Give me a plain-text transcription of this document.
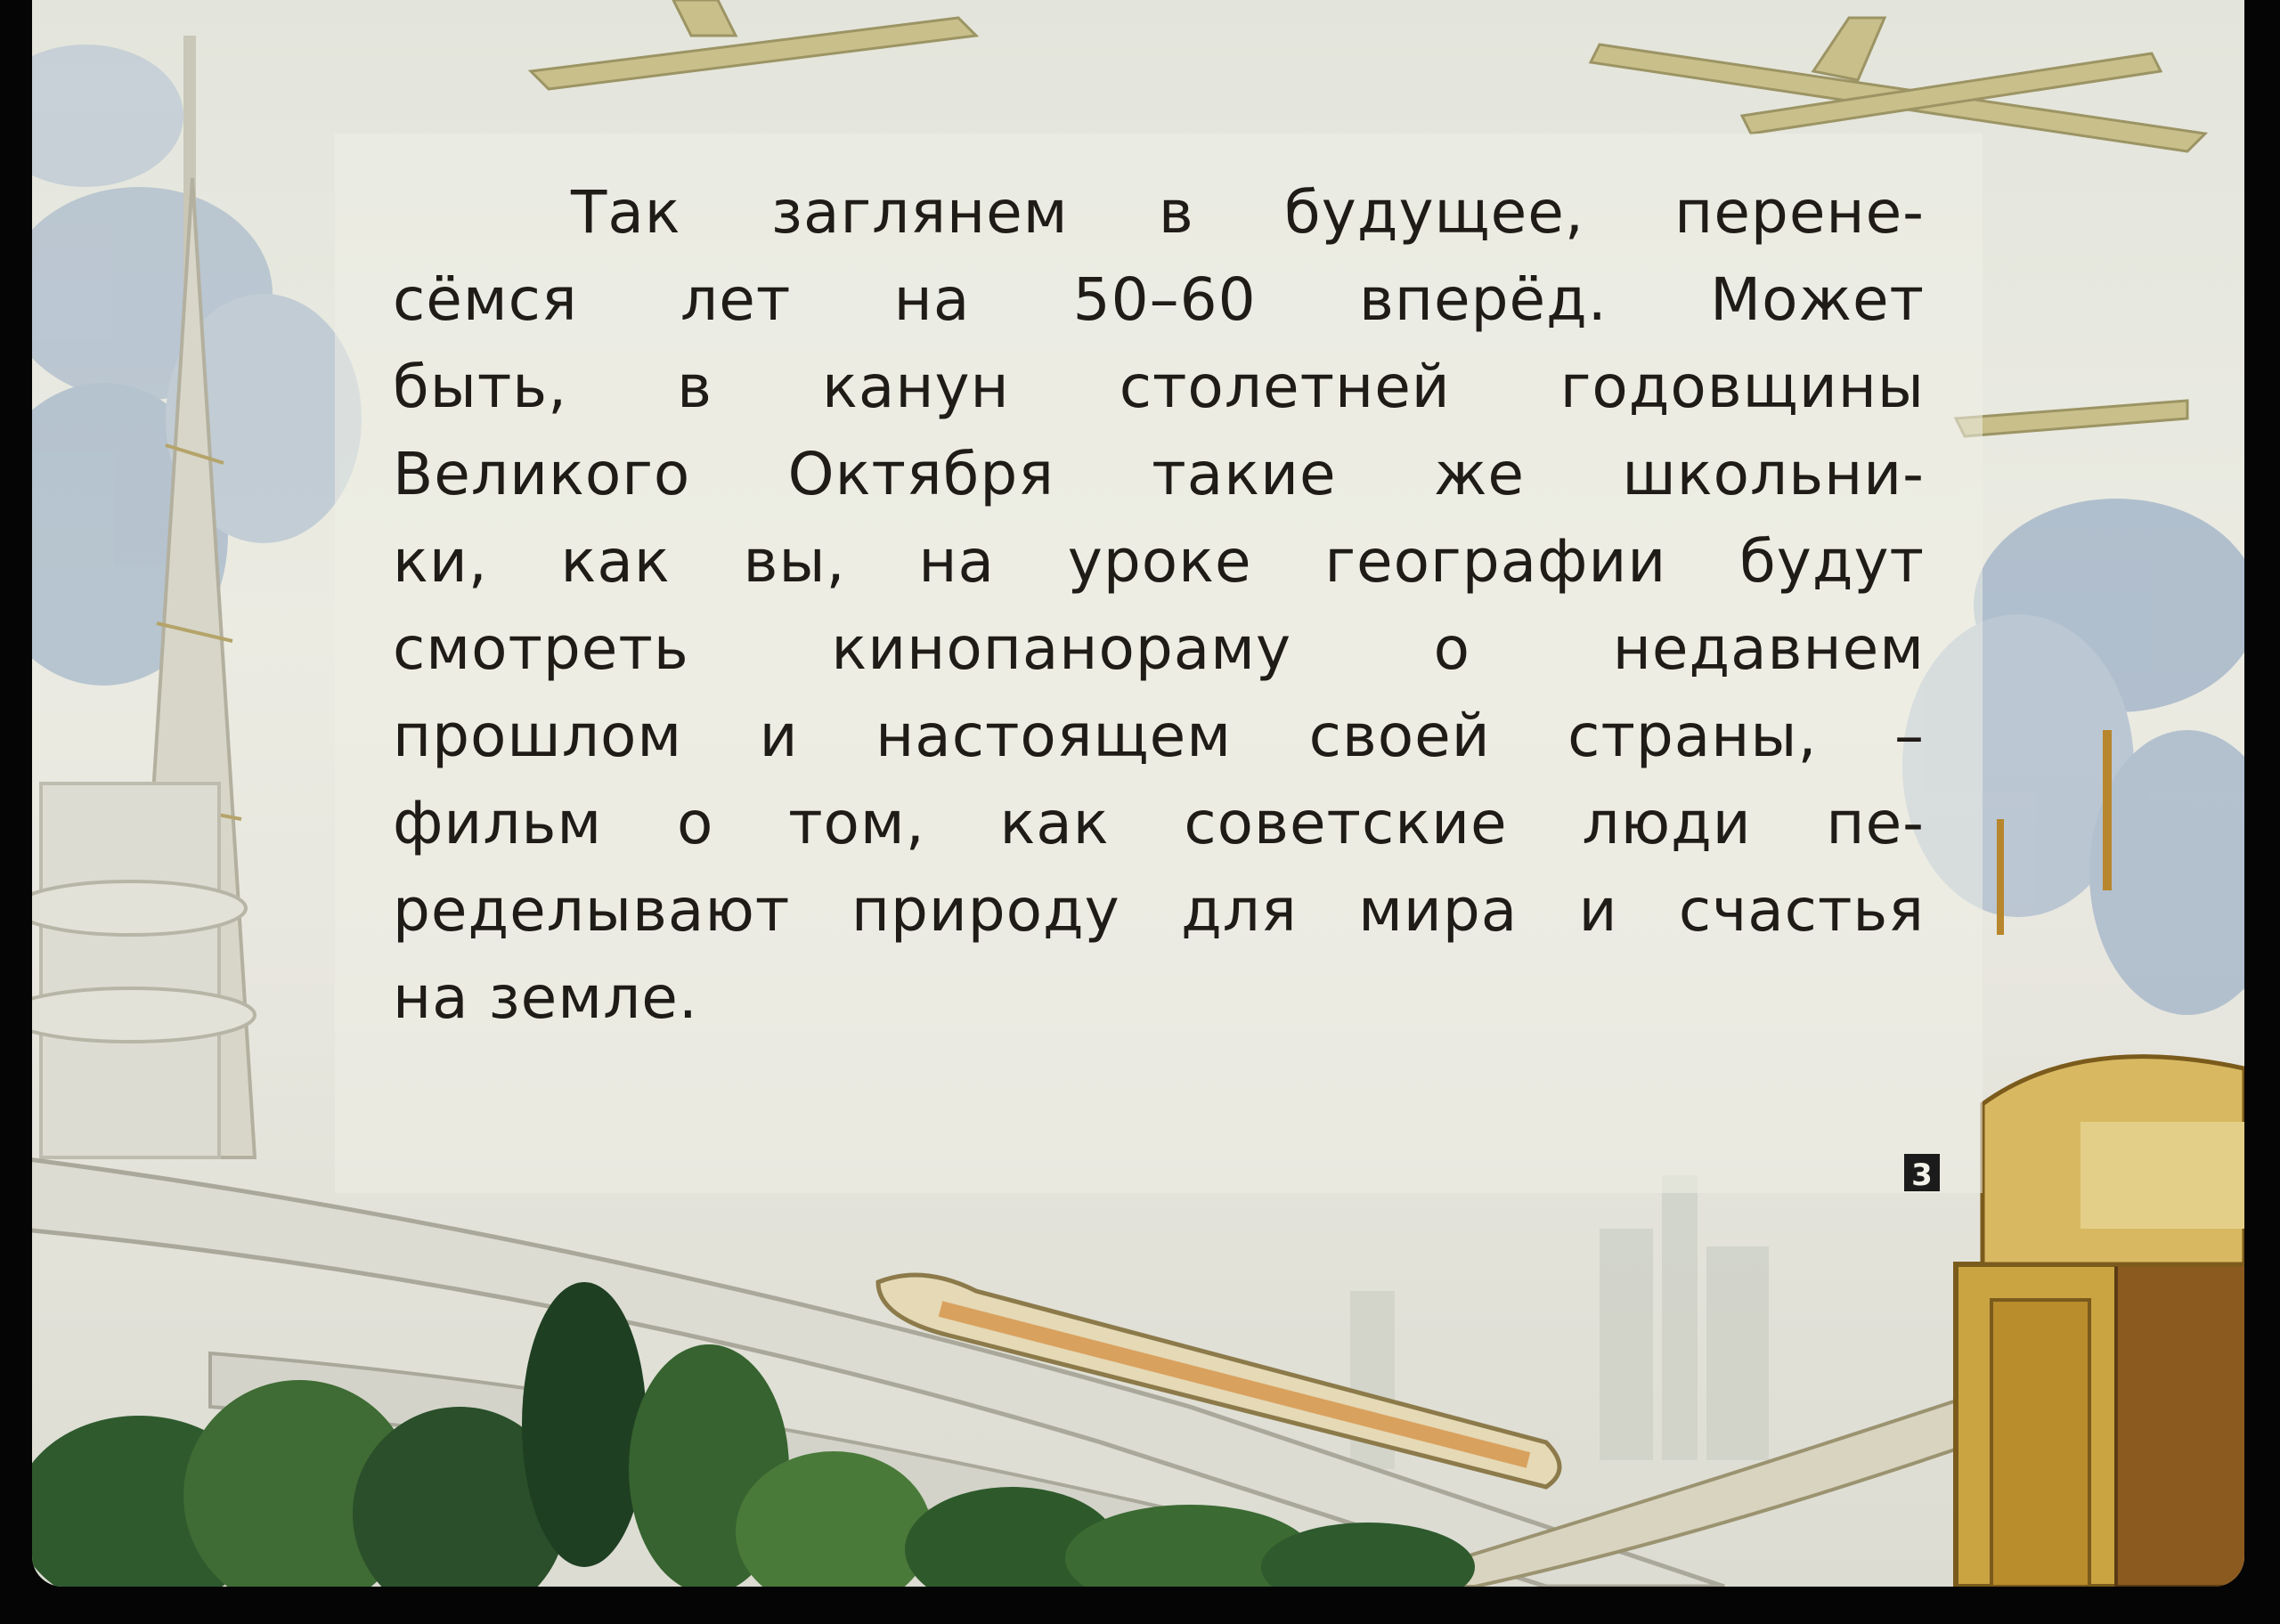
Так заглянем в будущее, перене-
сёмся лет на 50–60 вперёд. Может
быть, в канун столетней годовщины
Великого Октября такие же школьни-
ки, как вы, на уроке географии будут
смотреть кинопанораму о недавнем
прошлом и настоящем своей страны, –
фильм о том, как советские люди пе-
ределывают природу для мира и счастья
на земле.

3
